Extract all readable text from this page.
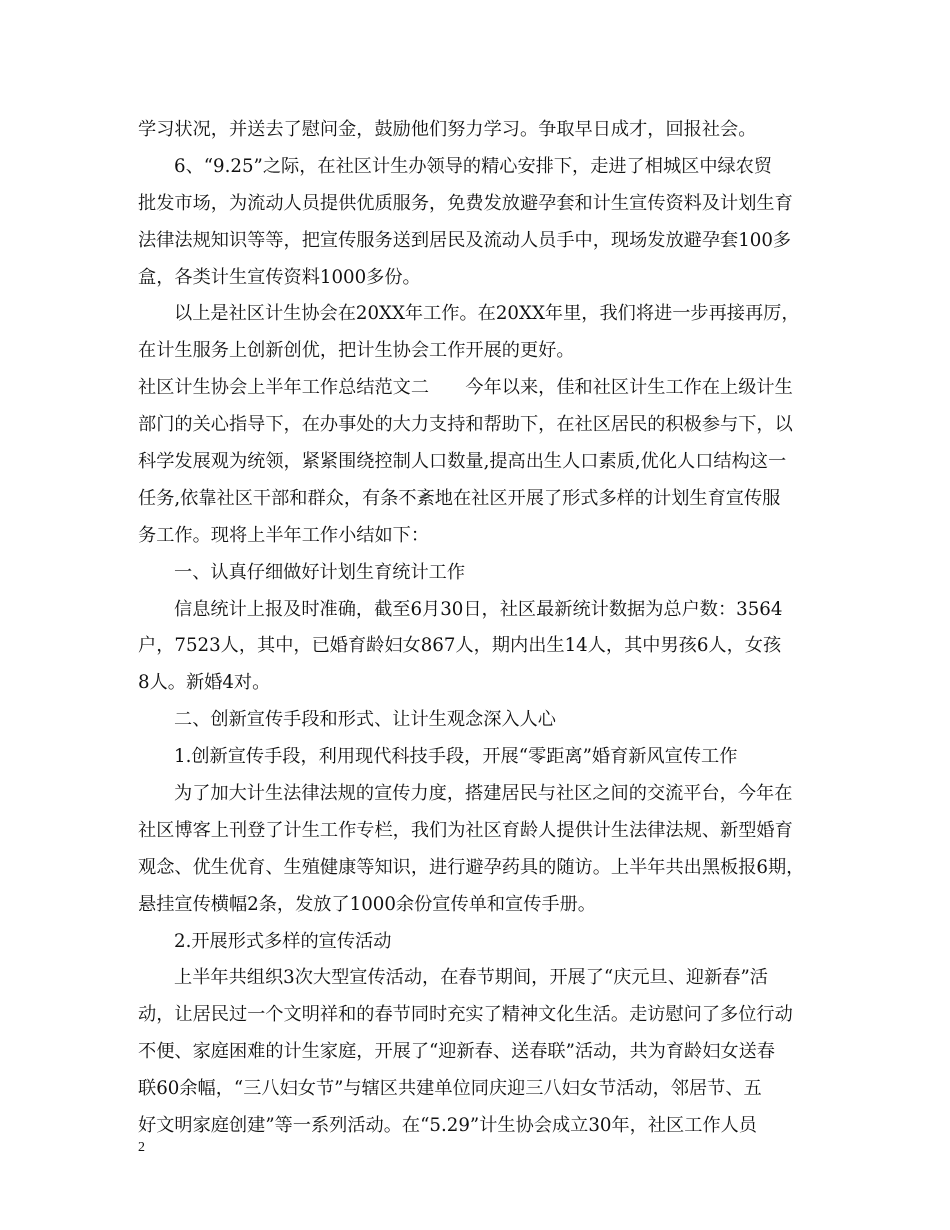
学习状况，并送去了慰问金，鼓励他们努力学习。争取早日成才，回报社会。
6、“9.25”之际，在社区计生办领导的精心安排下，走进了相城区中绿农贸
批发市场，为流动人员提供优质服务，免费发放避孕套和计生宣传资料及计划生育
法律法规知识等等，把宣传服务送到居民及流动人员手中，现场发放避孕套100多
盒，各类计生宣传资料1000多份。
以上是社区计生协会在20XX年工作。在20XX年里，我们将进一步再接再厉，
在计生服务上创新创优，把计生协会工作开展的更好。
社区计生协会上半年工作总结范文二　　今年以来，佳和社区计生工作在上级计生
部门的关心指导下，在办事处的大力支持和帮助下，在社区居民的积极参与下，以
科学发展观为统领，紧紧围绕控制人口数量,提高出生人口素质,优化人口结构这一
任务,依靠社区干部和群众，有条不紊地在社区开展了形式多样的计划生育宣传服
务工作。现将上半年工作小结如下：
一、认真仔细做好计划生育统计工作
信息统计上报及时准确，截至6月30日，社区最新统计数据为总户数：3564
户，7523人，其中，已婚育龄妇女867人，期内出生14人，其中男孩6人，女孩
8人。新婚4对。
二、创新宣传手段和形式、让计生观念深入人心
1.创新宣传手段，利用现代科技手段，开展“零距离”婚育新风宣传工作
为了加大计生法律法规的宣传力度，搭建居民与社区之间的交流平台，今年在
社区博客上刊登了计生工作专栏，我们为社区育龄人提供计生法律法规、新型婚育
观念、优生优育、生殖健康等知识，进行避孕药具的随访。上半年共出黑板报6期，
悬挂宣传横幅2条，发放了1000余份宣传单和宣传手册。
2.开展形式多样的宣传活动
上半年共组织3次大型宣传活动，在春节期间，开展了“庆元旦、迎新春”活
动，让居民过一个文明祥和的春节同时充实了精神文化生活。走访慰问了多位行动
不便、家庭困难的计生家庭，开展了“迎新春、送春联”活动，共为育龄妇女送春
联60余幅，“三八妇女节”与辖区共建单位同庆迎三八妇女节活动，邻居节、五
好文明家庭创建”等一系列活动。在“5.29”计生协会成立30年，社区工作人员
2
